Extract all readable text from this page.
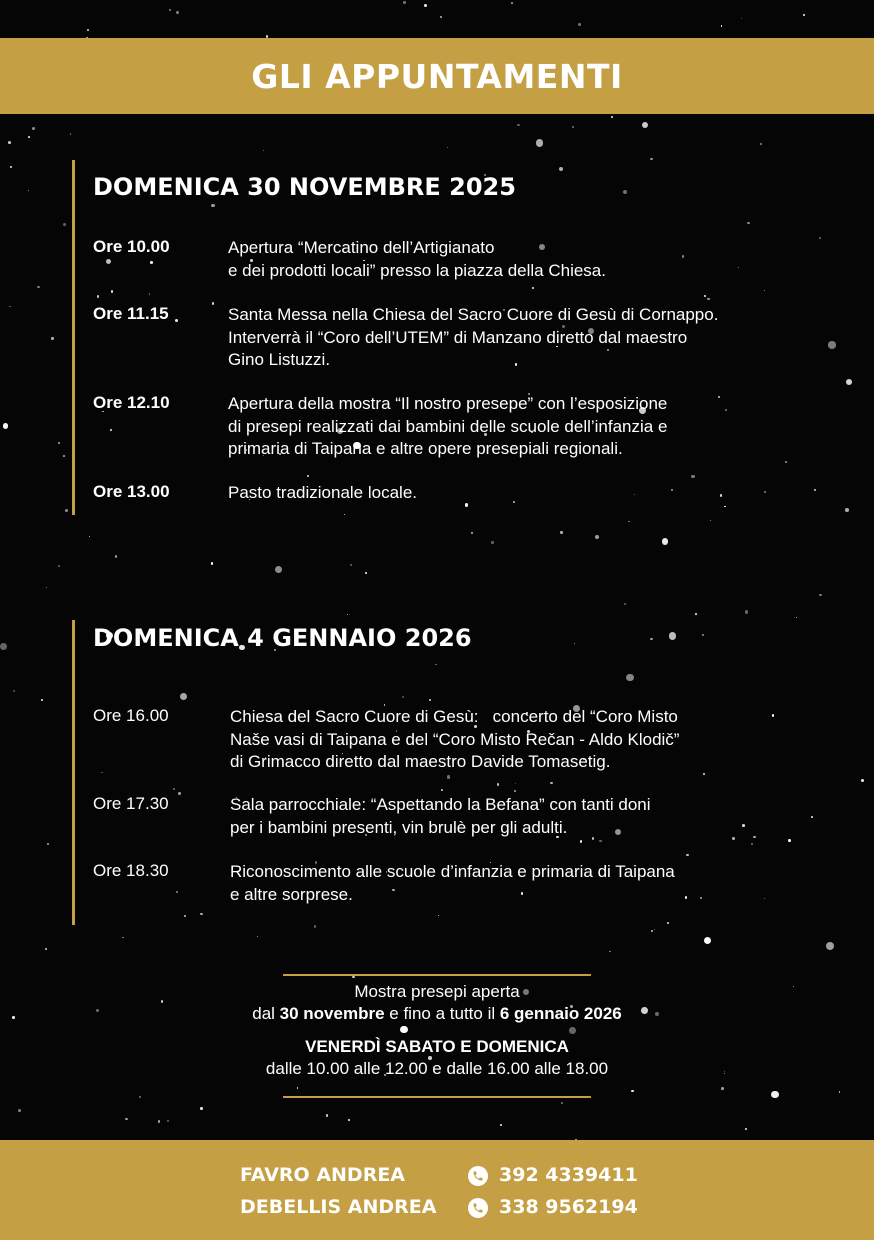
GLI APPUNTAMENTI
DOMENICA 30 NOVEMBRE 2025
Ore 10.00	Apertura “Mercatino dell’Artigianato
e dei prodotti locali” presso la piazza della Chiesa.
Ore 11.15	Santa Messa nella Chiesa del Sacro Cuore di Gesù di Cornappo.
Interverrà il “Coro dell’UTEM” di Manzano diretto dal maestro
Gino Listuzzi.
Ore 12.10	Apertura della mostra “Il nostro presepe” con l’esposizione
di presepi realizzati dai bambini delle scuole dell’infanzia e
primaria di Taipana e altre opere presepiali regionali.
Ore 13.00	Pasto tradizionale locale.
DOMENICA 4 GENNAIO 2026
Ore 16.00	Chiesa del Sacro Cuore di Gesù:   concerto del “Coro Misto
Naše vasi di Taipana e del “Coro Misto Rečan - Aldo Klodič”
di Grimacco diretto dal maestro Davide Tomasetig.
Ore 17.30	Sala parrocchiale: “Aspettando la Befana” con tanti doni
per i bambini presenti, vin brulè per gli adulti.
Ore 18.30	Riconoscimento alle scuole d’infanzia e primaria di Taipana
e altre sorprese.
Mostra presepi aperta
dal 30 novembre e fino a tutto il 6 gennaio 2026
VENERDÌ SABATO E DOMENICA
dalle 10.00 alle 12.00 e dalle 16.00 alle 18.00
FAVRO ANDREA	392 4339411
DEBELLIS ANDREA	338 9562194
